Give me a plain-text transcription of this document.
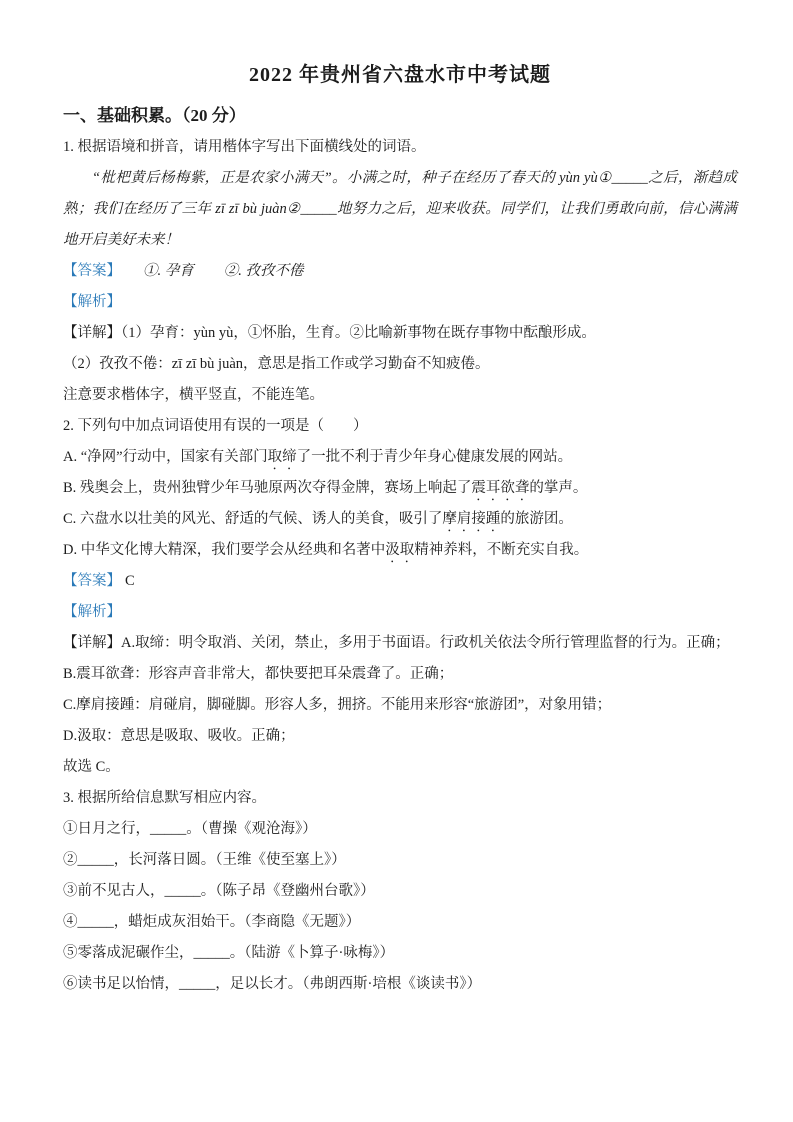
2022 年贵州省六盘水市中考试题
一、基础积累。（20 分）

1. 根据语境和拼音，请用楷体字写出下面横线处的词语。

“枇杷黄后杨梅紫，正是农家小满天”。小满之时，种子在经历了春天的 yùn yù①_____之后，渐趋成熟；我们在经历了三年 zī zī bù juàn②_____地努力之后，迎来收获。同学们，让我们勇敢向前，信心满满地开启美好未来！

【答案】 ①. 孕育 ②. 孜孜不倦

【解析】

【详解】（1）孕育：yùn yù，①怀胎，生育。②比喻新事物在既存事物中酝酿形成。

（2）孜孜不倦：zī zī bù juàn，意思是指工作或学习勤奋不知疲倦。

注意要求楷体字，横平竖直，不能连笔。

2. 下列句中加点词语使用有误的一项是（　　）

A. “净网”行动中，国家有关部门取缔了一批不利于青少年身心健康发展的网站。

B. 残奥会上，贵州独臂少年马驰原两次夺得金牌，赛场上响起了震耳欲聋的掌声。

C. 六盘水以壮美的风光、舒适的气候、诱人的美食，吸引了摩肩接踵的旅游团。

D. 中华文化博大精深，我们要学会从经典和名著中汲取精神养料，不断充实自我。

【答案】 C

【解析】

【详解】A.取缔：明令取消、关闭，禁止，多用于书面语。行政机关依法令所行管理监督的行为。正确；

B.震耳欲聋：形容声音非常大，都快要把耳朵震聋了。正确；

C.摩肩接踵：肩碰肩，脚碰脚。形容人多，拥挤。不能用来形容“旅游团”，对象用错；

D.汲取：意思是吸取、吸收。正确；

故选 C。

3. 根据所给信息默写相应内容。

①日月之行，_____。（曹操《观沧海》）

②_____，长河落日圆。（王维《使至塞上》）

③前不见古人，_____。（陈子昂《登幽州台歌》）

④_____，蜡炬成灰泪始干。（李商隐《无题》）

⑤零落成泥碾作尘，_____。（陆游《卜算子·咏梅》）

⑥读书足以怡情，_____，足以长才。（弗朗西斯·培根《谈读书》）
